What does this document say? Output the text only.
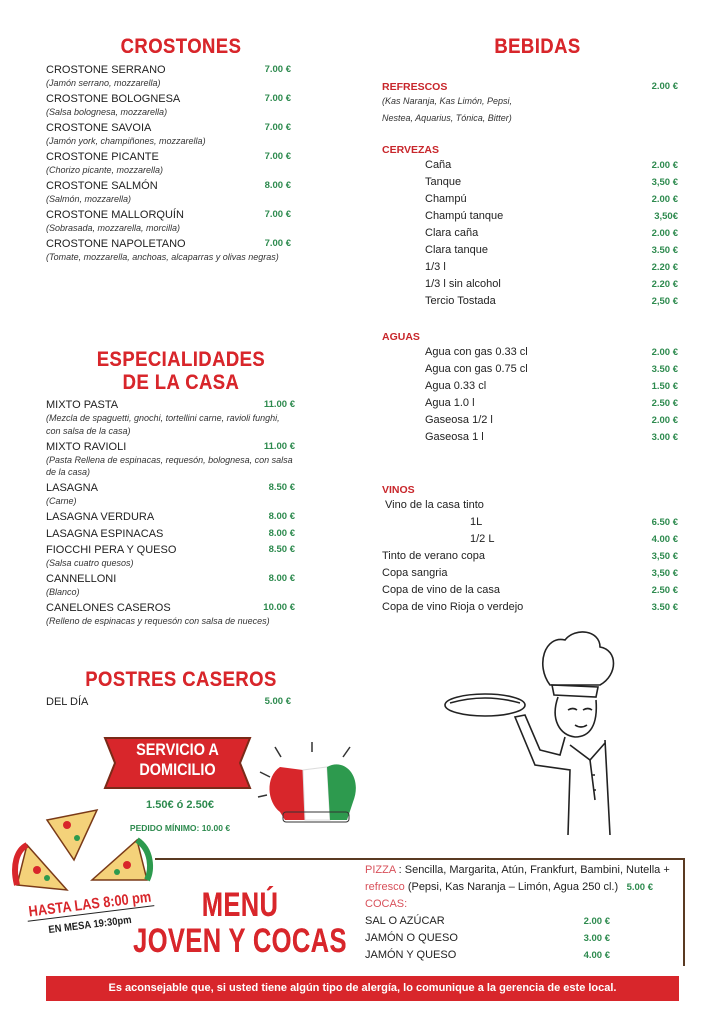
CROSTONES
CROSTONE SERRANO	7.00 €
(Jamón serrano, mozzarella)
CROSTONE BOLOGNESA	7.00 €
(Salsa bolognesa, mozzarella)
CROSTONE SAVOIA	7.00 €
(Jamón york, champiñones, mozzarella)
CROSTONE PICANTE	7.00 €
(Chorizo picante, mozzarella)
CROSTONE SALMÓN	8.00 €
(Salmón, mozzarella)
CROSTONE MALLORQUÍN	7.00 €
(Sobrasada, mozzarella, morcilla)
CROSTONE NAPOLETANO	7.00 €
(Tomate, mozzarella, anchoas, alcaparras y olivas negras)
ESPECIALIDADES
DE LA CASA
MIXTO PASTA	11.00 €
(Mezcla de spaguetti, gnochi, tortellini carne, ravioli funghi, con salsa de la casa)
MIXTO RAVIOLI	11.00 €
(Pasta Rellena de espinacas, requesón, bolognesa, con salsa de la casa)
LASAGNA	8.50 €
(Carne)
LASAGNA VERDURA	8.00 €
LASAGNA ESPINACAS	8.00 €
FIOCCHI PERA Y QUESO	8.50 €
(Salsa cuatro quesos)
CANNELLONI	8.00 €
(Blanco)
CANELONES CASEROS	10.00 €
(Relleno de espinacas y requesón con salsa de nueces)
POSTRES CASEROS
DEL DÍA	5.00 €
BEBIDAS
REFRESCOS	2.00 €
(Kas Naranja, Kas Limón, Pepsi,
Nestea, Aquarius, Tónica, Bitter)
CERVEZAS
Caña	2.00 €
Tanque	3,50 €
Champú	2.00 €
Champú tanque	3,50€
Clara caña	2.00 €
Clara tanque	3.50 €
1/3 l	2.20 €
1/3 l sin alcohol	2.20 €
Tercio Tostada	2,50 €
AGUAS
Agua con gas 0.33 cl	2.00 €
Agua con gas 0.75 cl	3.50 €
Agua 0.33 cl	1.50 €
Agua 1.0 l	2.50 €
Gaseosa 1/2 l	2.00 €
Gaseosa 1 l	3.00 €
VINOS
Vino de la casa tinto
1L	6.50 €
1/2 L	4.00 €
Tinto de verano copa	3,50 €
Copa sangria	3,50 €
Copa de vino de la casa	2.50 €
Copa de vino Rioja o verdejo	3.50 €
SERVICIO A
DOMICILIO
1.50€ ó 2.50€
PEDIDO MÍNIMO: 10.00 €
HASTA LAS 8:00 pm
EN MESA 19:30pm
MENÚ
JOVEN Y COCAS
PIZZA : Sencilla, Margarita, Atún, Frankfurt, Bambini, Nutella +
refresco (Pepsi, Kas Naranja – Limón, Agua 250 cl.) 5.00 €
COCAS:
SAL O AZÚCAR	2.00 €
JAMÓN O QUESO	3.00 €
JAMÓN Y QUESO	4.00 €
Es aconsejable que, si usted tiene algún tipo de alergía, lo comunique a la gerencia de este local.
